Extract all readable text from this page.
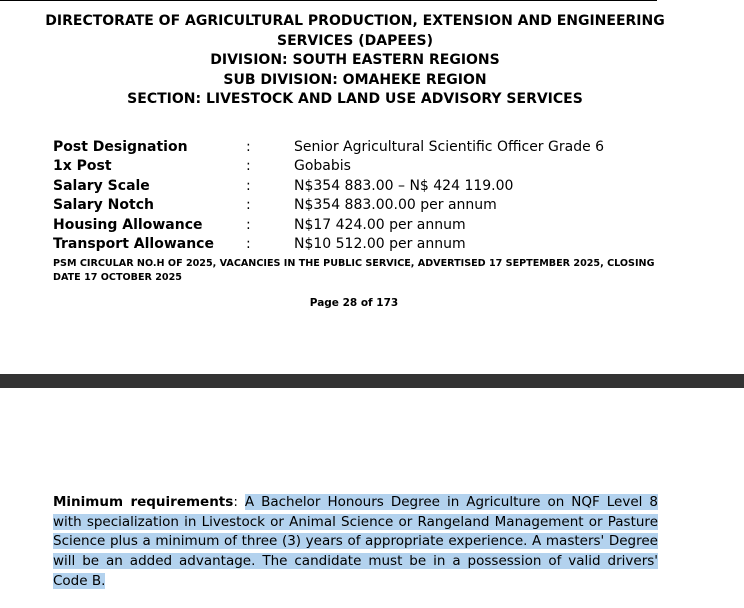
DIRECTORATE OF AGRICULTURAL PRODUCTION, EXTENSION AND ENGINEERING
SERVICES (DAPEES)
DIVISION: SOUTH EASTERN REGIONS
SUB DIVISION: OMAHEKE REGION
SECTION: LIVESTOCK AND LAND USE ADVISORY SERVICES
Post Designation	:	Senior Agricultural Scientific Officer Grade 6
1x Post	:	Gobabis
Salary Scale	:	N$354 883.00 – N$ 424 119.00
Salary Notch	:	N$354 883.00.00 per annum
Housing Allowance	:	N$17 424.00 per annum
Transport Allowance :	N$10 512.00 per annum
PSM CIRCULAR NO.H OF 2025, VACANCIES IN THE PUBLIC SERVICE, ADVERTISED 17 SEPTEMBER 2025, CLOSING DATE 17 OCTOBER 2025
Page 28 of 173
Minimum requirements: A Bachelor Honours Degree in Agriculture on NQF Level 8 with specialization in Livestock or Animal Science or Rangeland Management or Pasture Science plus a minimum of three (3) years of appropriate experience. A masters' Degree will be an added advantage. The candidate must be in a possession of valid drivers' Code B.
